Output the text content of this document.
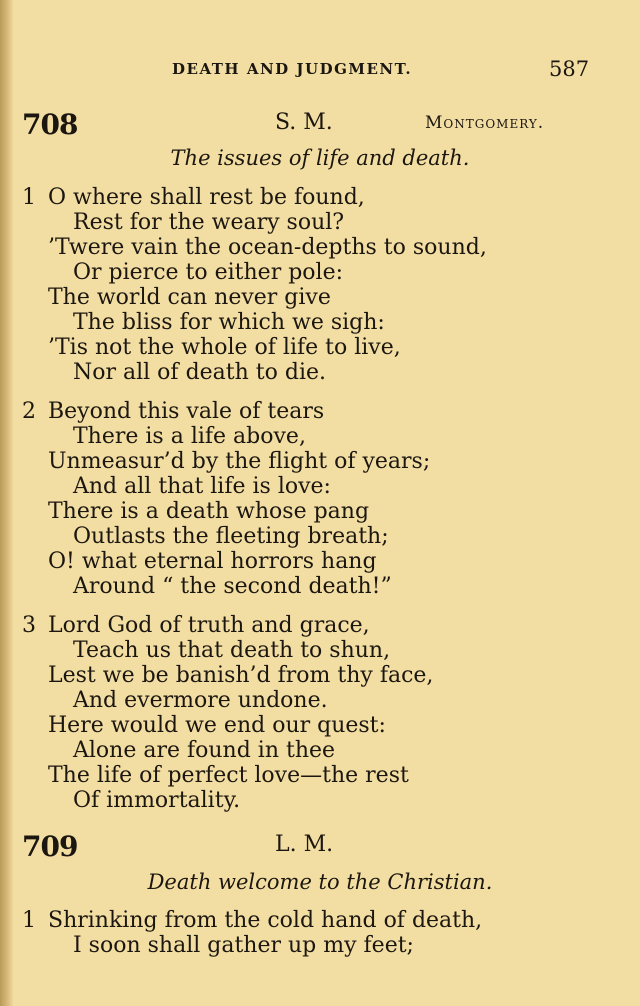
DEATH AND JUDGMENT.	587
708	S. M.	Montgomery.
The issues of life and death.
1 O where shall rest be found,
Rest for the weary soul?
’Twere vain the ocean-depths to sound,
Or pierce to either pole:
The world can never give
The bliss for which we sigh:
’Tis not the whole of life to live,
Nor all of death to die.
2 Beyond this vale of tears
There is a life above,
Unmeasur’d by the flight of years;
And all that life is love:
There is a death whose pang
Outlasts the fleeting breath;
O! what eternal horrors hang
Around “ the second death!”
3 Lord God of truth and grace,
Teach us that death to shun,
Lest we be banish’d from thy face,
And evermore undone.
Here would we end our quest:
Alone are found in thee
The life of perfect love—the rest
Of immortality.
709	L. M.
Death welcome to the Christian.
1 Shrinking from the cold hand of death,
I soon shall gather up my feet;
